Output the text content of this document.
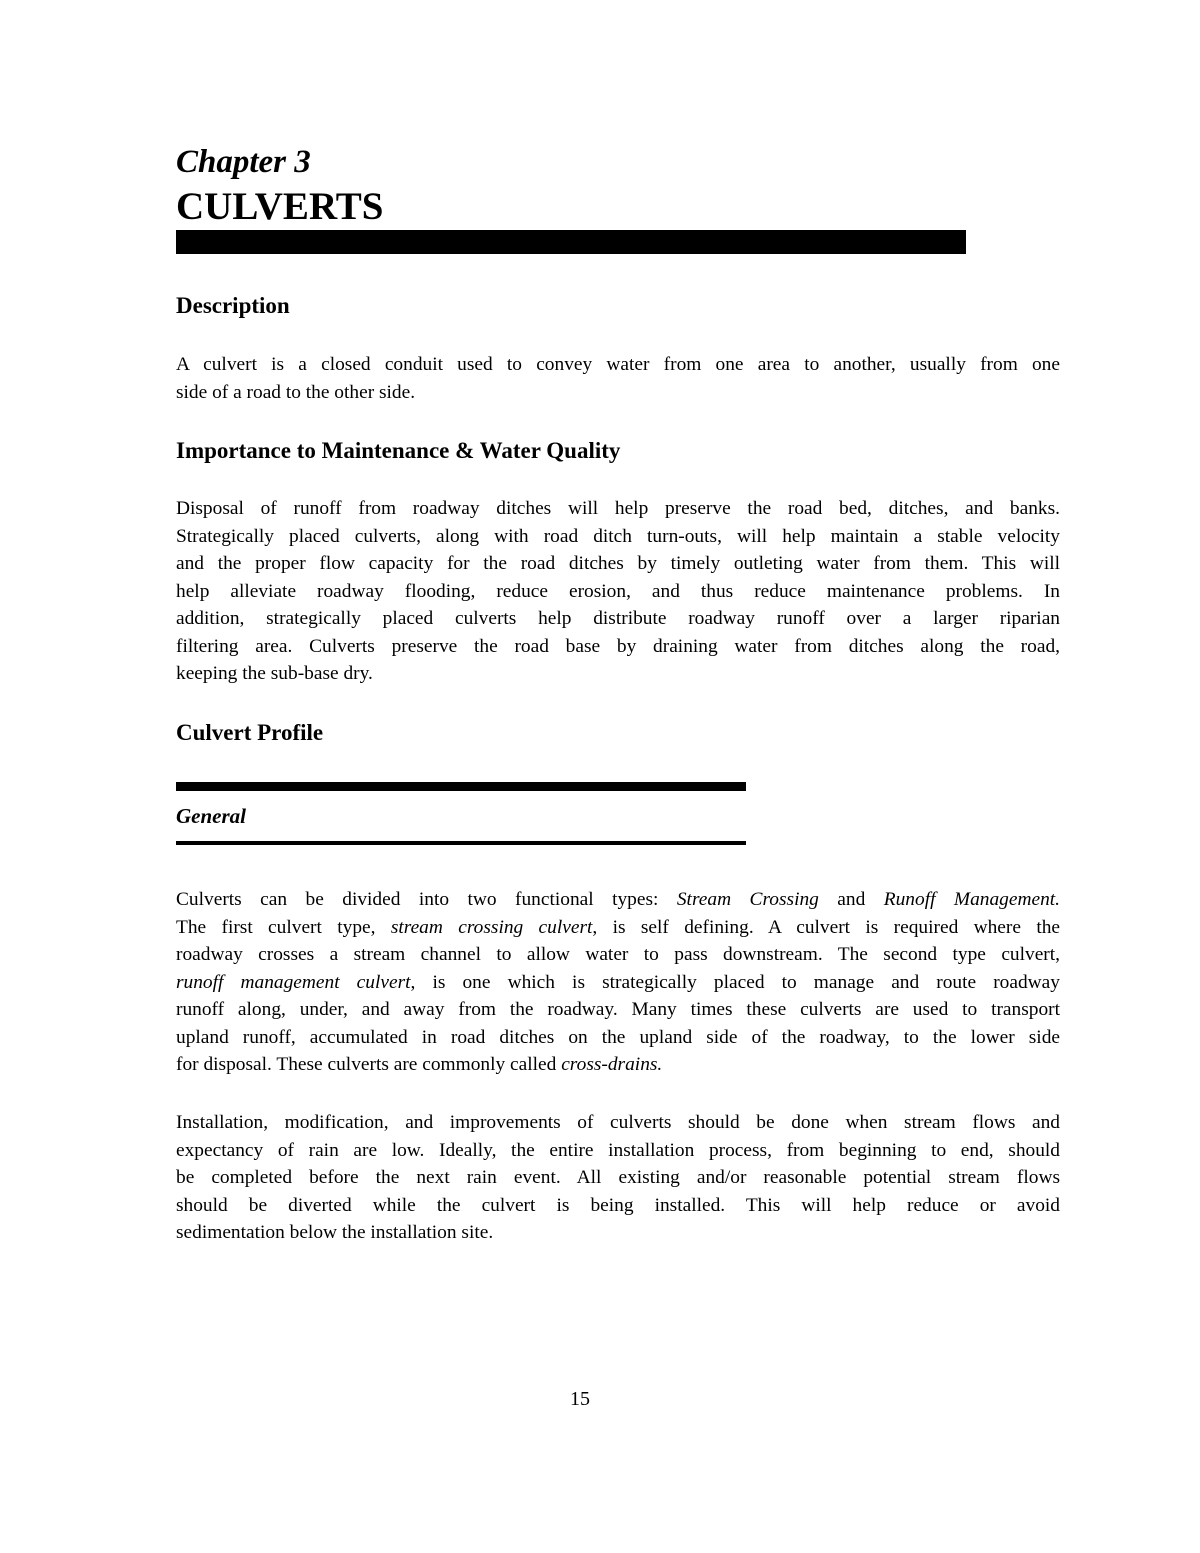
Chapter 3
CULVERTS
Description
A culvert is a closed conduit used to convey water from one area to another, usually from one
side of a road to the other side.
Importance to Maintenance & Water Quality
Disposal of runoff from roadway ditches will help preserve the road bed, ditches, and banks.
Strategically placed culverts, along with road ditch turn-outs, will help maintain a stable velocity
and the proper flow capacity for the road ditches by timely outleting water from them. This will
help alleviate roadway flooding, reduce erosion, and thus reduce maintenance problems. In
addition, strategically placed culverts help distribute roadway runoff over a larger riparian
filtering area. Culverts preserve the road base by draining water from ditches along the road,
keeping the sub-base dry.
Culvert Profile
General
Culverts can be divided into two functional types: Stream Crossing and Runoff Management.
The first culvert type, stream crossing culvert, is self defining. A culvert is required where the
roadway crosses a stream channel to allow water to pass downstream. The second type culvert,
runoff management culvert, is one which is strategically placed to manage and route roadway
runoff along, under, and away from the roadway. Many times these culverts are used to transport
upland runoff, accumulated in road ditches on the upland side of the roadway, to the lower side
for disposal. These culverts are commonly called cross-drains.
Installation, modification, and improvements of culverts should be done when stream flows and
expectancy of rain are low. Ideally, the entire installation process, from beginning to end, should
be completed before the next rain event. All existing and/or reasonable potential stream flows
should be diverted while the culvert is being installed. This will help reduce or avoid
sedimentation below the installation site.
15
